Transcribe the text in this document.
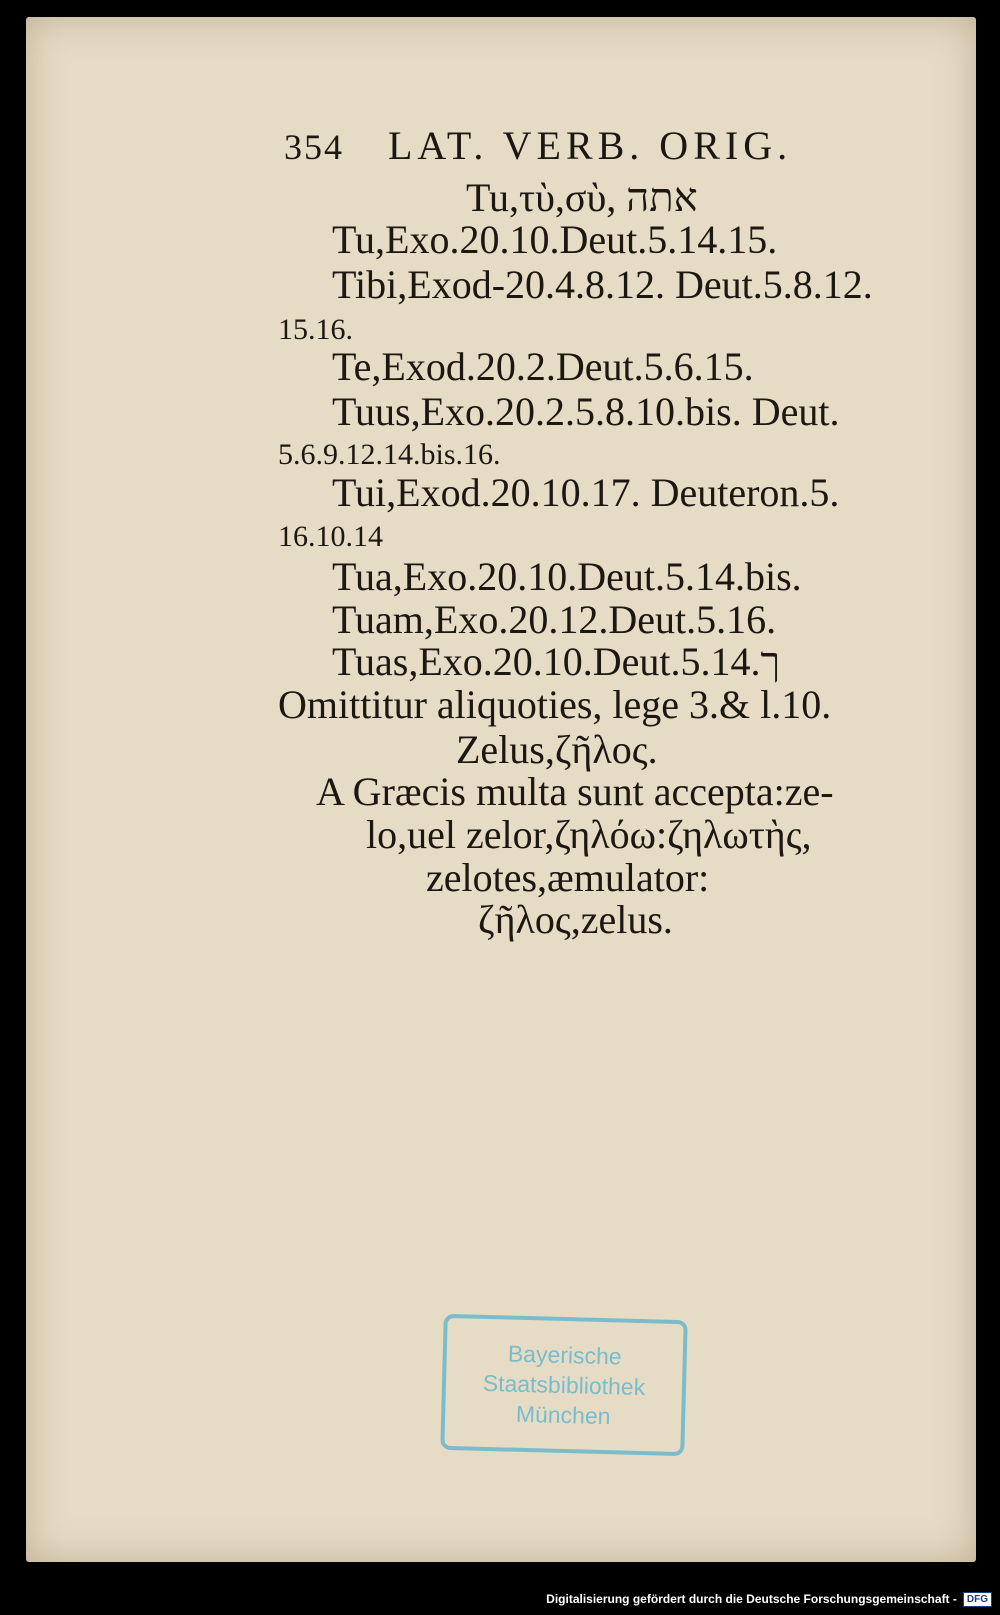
354 LAT. VERB. ORIG.
Tu,τὺ,σὺ, אתה
Tu,Exo.20.10.Deut.5.14.15.
Tibi,Exod-20.4.8.12. Deut.5.8.12.
15.16.
Te,Exod.20.2.Deut.5.6.15.
Tuus,Exo.20.2.5.8.10.bis. Deut.
5.6.9.12.14.bis.16.
Tui,Exod.20.10.17. Deuteron.5.
16.10.14
Tua,Exo.20.10.Deut.5.14.bis.
Tuam,Exo.20.12.Deut.5.16.
Tuas,Exo.20.10.Deut.5.14.ך
Omittitur aliquoties, lege 3.& l.10.
Zelus,ζῆλος.
A Græcis multa sunt accepta:ze-
lo,uel zelor,ζηλόω:ζηλωτὴς,
zelotes,æmulator:
ζῆλος,zelus.
Bayerische
Staatsbibliothek
München
Digitalisierung gefördert durch die Deutsche Forschungsgemeinschaft -	DFG
